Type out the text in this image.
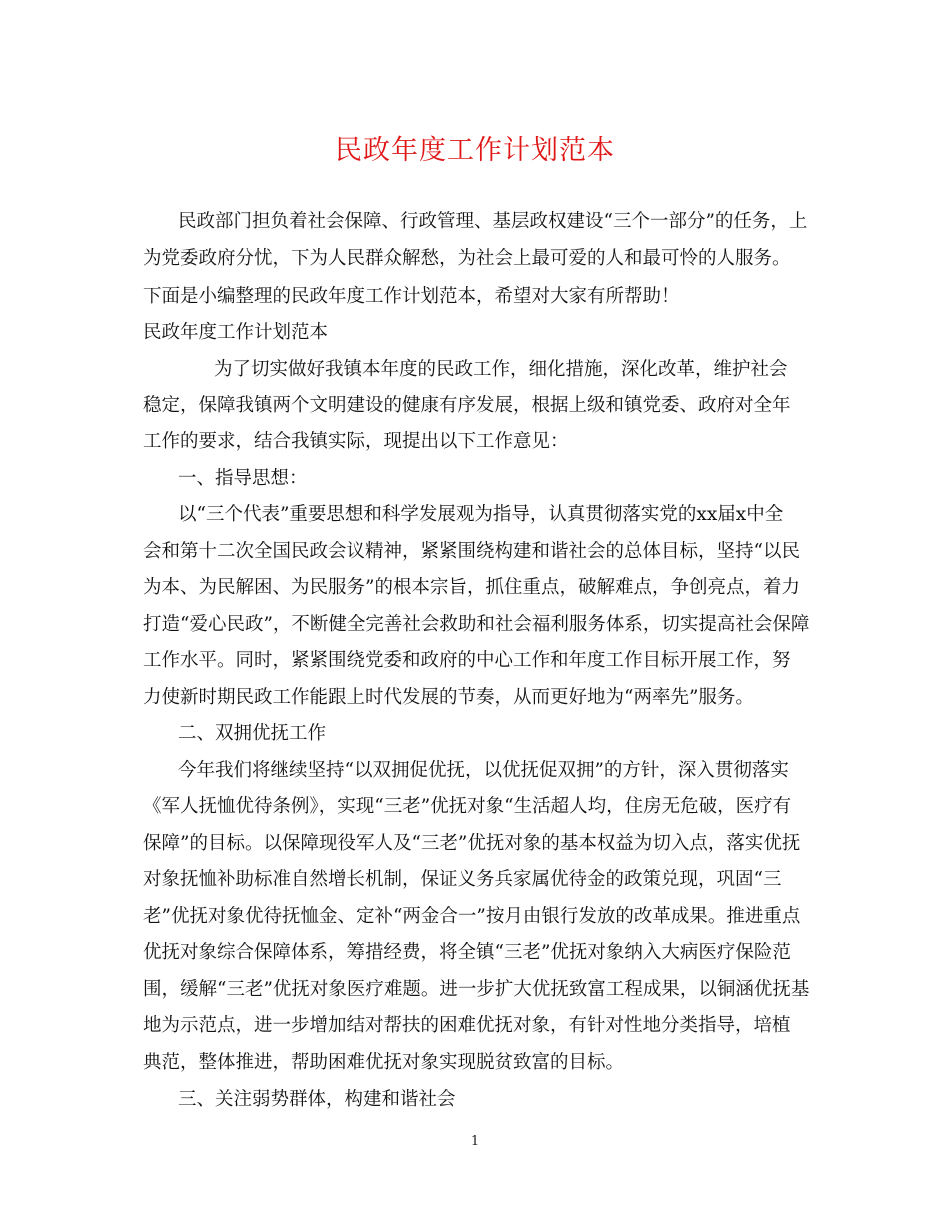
民政年度工作计划范本
民政部门担负着社会保障、行政管理、基层政权建设“三个一部分”的任务，上
为党委政府分忧，下为人民群众解愁，为社会上最可爱的人和最可怜的人服务。
下面是小编整理的民政年度工作计划范本，希望对大家有所帮助！
民政年度工作计划范本
为了切实做好我镇本年度的民政工作，细化措施，深化改革，维护社会
稳定，保障我镇两个文明建设的健康有序发展，根据上级和镇党委、政府对全年
工作的要求，结合我镇实际，现提出以下工作意见：
一、指导思想：
以“三个代表”重要思想和科学发展观为指导，认真贯彻落实党的xx届x中全
会和第十二次全国民政会议精神，紧紧围绕构建和谐社会的总体目标，坚持“以民
为本、为民解困、为民服务”的根本宗旨，抓住重点，破解难点，争创亮点，着力
打造“爱心民政”，不断健全完善社会救助和社会福利服务体系，切实提高社会保障
工作水平。同时，紧紧围绕党委和政府的中心工作和年度工作目标开展工作，努
力使新时期民政工作能跟上时代发展的节奏，从而更好地为“两率先”服务。
二、双拥优抚工作
今年我们将继续坚持“以双拥促优抚，以优抚促双拥”的方针，深入贯彻落实
《军人抚恤优待条例》，实现“三老”优抚对象“生活超人均，住房无危破，医疗有
保障”的目标。以保障现役军人及“三老”优抚对象的基本权益为切入点，落实优抚
对象抚恤补助标准自然增长机制，保证义务兵家属优待金的政策兑现，巩固“三
老”优抚对象优待抚恤金、定补“两金合一”按月由银行发放的改革成果。推进重点
优抚对象综合保障体系，筹措经费，将全镇“三老”优抚对象纳入大病医疗保险范
围，缓解“三老”优抚对象医疗难题。进一步扩大优抚致富工程成果，以铜涵优抚基
地为示范点，进一步增加结对帮扶的困难优抚对象，有针对性地分类指导，培植
典范，整体推进，帮助困难优抚对象实现脱贫致富的目标。
三、关注弱势群体，构建和谐社会
1
